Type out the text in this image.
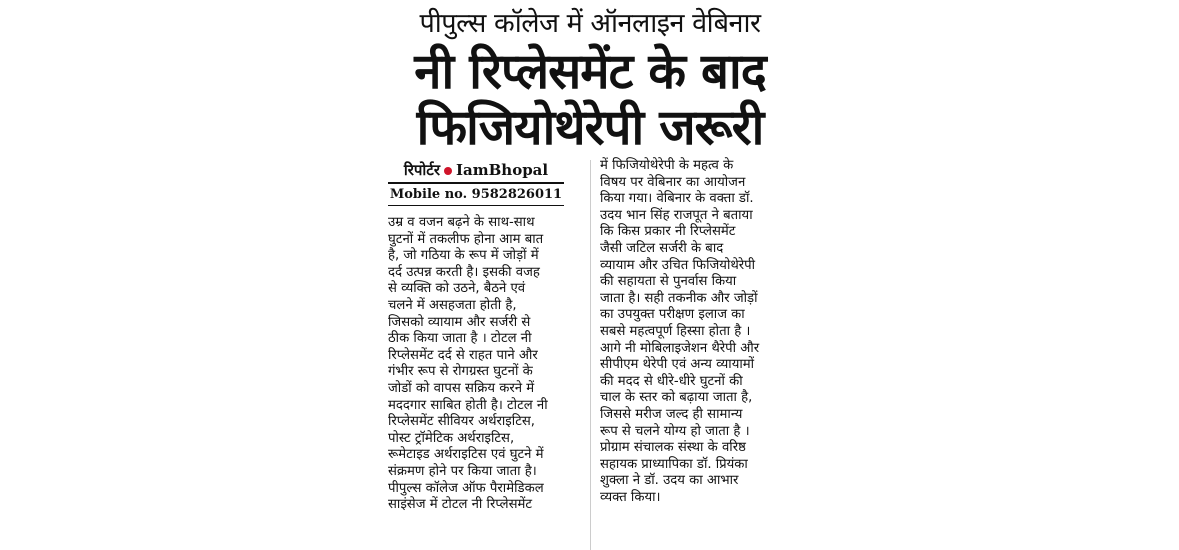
पीपुल्स कॉलेज में ऑनलाइन वेबिनार
नी रिप्लेसमेंट के बाद
फिजियोथेरेपी जरूरी
रिपोर्टर IamBhopal
Mobile no. 9582826011
उम्र व वजन बढ़ने के साथ-साथ
घुटनों में तकलीफ होना आम बात
है, जो गठिया के रूप में जोड़ों में
दर्द उत्पन्न करती है। इसकी वजह
से व्यक्ति को उठने, बैठने एवं
चलने में असहजता होती है,
जिसको व्यायाम और सर्जरी से
ठीक किया जाता है । टोटल नी
रिप्लेसमेंट दर्द से राहत पाने और
गंभीर रूप से रोगग्रस्त घुटनों के
जोडों को वापस सक्रिय करने में
मददगार साबित होती है। टोटल नी
रिप्लेसमेंट सीवियर अर्थराइटिस,
पोस्ट ट्रॉमेटिक अर्थराइटिस,
रूमेटाइड अर्थराइटिस एवं घुटने में
संक्रमण होने पर किया जाता है।
पीपुल्स कॉलेज ऑफ पैरामेडिकल
साइंसेज में टोटल नी रिप्लेसमेंट
में फिजियोथेरेपी के महत्व के
विषय पर वेबिनार का आयोजन
किया गया। वेबिनार के वक्ता डॉ.
उदय भान सिंह राजपूत ने बताया
कि किस प्रकार नी रिप्लेसमेंट
जैसी जटिल सर्जरी के बाद
व्यायाम और उचित फिजियोथेरेपी
की सहायता से पुनर्वास किया
जाता है। सही तकनीक और जोड़ों
का उपयुक्त परीक्षण इलाज का
सबसे महत्वपूर्ण हिस्सा होता है ।
आगे नी मोबिलाइजेशन थैरेपी और
सीपीएम थेरेपी एवं अन्य व्यायामों
की मदद से धीरे-धीरे घुटनों की
चाल के स्तर को बढ़ाया जाता है,
जिससे मरीज जल्द ही सामान्य
रूप से चलने योग्य हो जाता है ।
प्रोग्राम संचालक संस्था के वरिष्ठ
सहायक प्राध्यापिका डॉ. प्रियंका
शुक्ला ने डॉ. उदय का आभार
व्यक्त किया।
